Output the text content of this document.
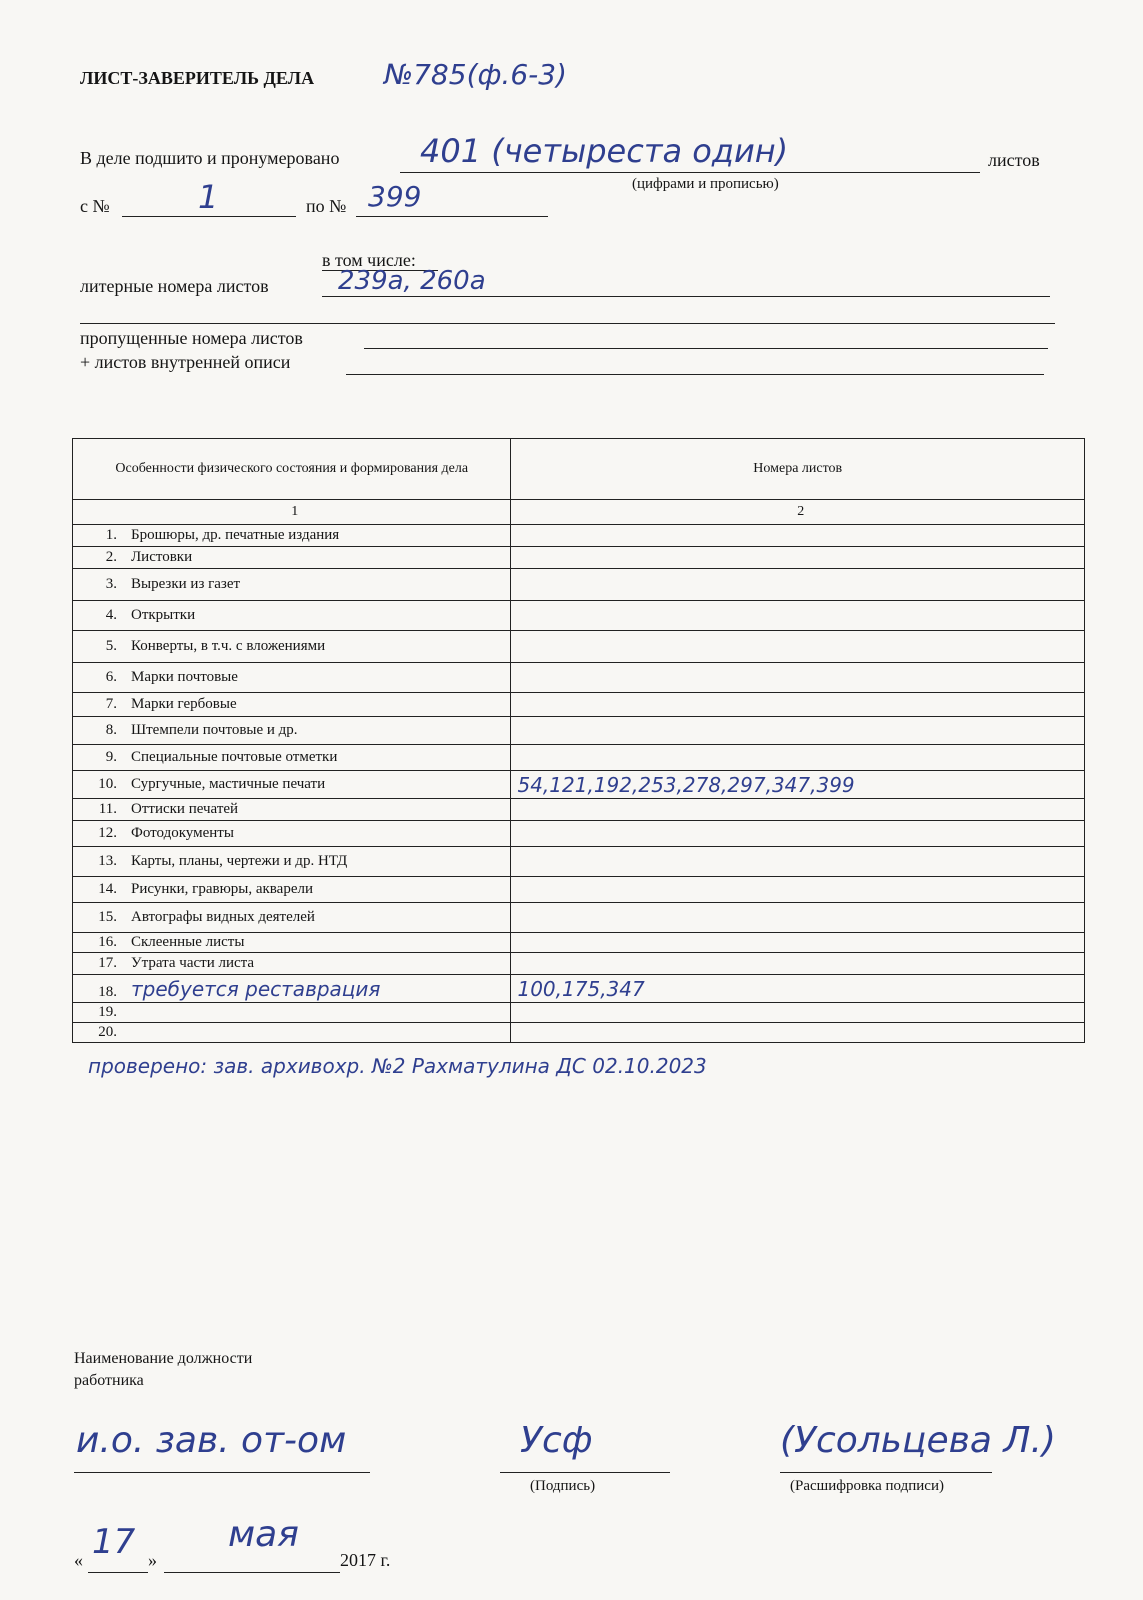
ЛИСТ-ЗАВЕРИТЕЛЬ ДЕЛА №785(ф.6-3)
В деле подшито и пронумеровано	401 (четыреста один)	листов
(цифрами и прописью)
с №	1	по № 399
в том числе:
литерные номера листов	239а, 260а
пропущенные номера листов
+ листов внутренней описи
Особенности физического состояния и формирования дела	Номера листов
1	2
1. Брошюры, др. печатные издания	
2. Листовки	
3. Вырезки из газет	
4. Открытки	
5. Конверты, в т.ч. с вложениями	
6. Марки почтовые	
7. Марки гербовые	
8. Штемпели почтовые и др.	
9. Специальные почтовые отметки	
10. Сургучные, мастичные печати	54,121,192,253,278,297,347,399
11. Оттиски печатей	
12. Фотодокументы	
13. Карты, планы, чертежи и др. НТД	
14. Рисунки, гравюры, акварели	
15. Автографы видных деятелей	
16. Склеенные листы	
17. Утрата части листа	
18. требуется реставрация	100,175,347
19.	
20.	
проверено: зав. архивохр. №2 Рахматулина ДС 02.10.2023
Наименование должности
работника
и.о. зав. от-ом	Усф
(Подпись)
(Усольцева Л.)
(Расшифровка подписи)
« 17 »
мая
2017 г.
